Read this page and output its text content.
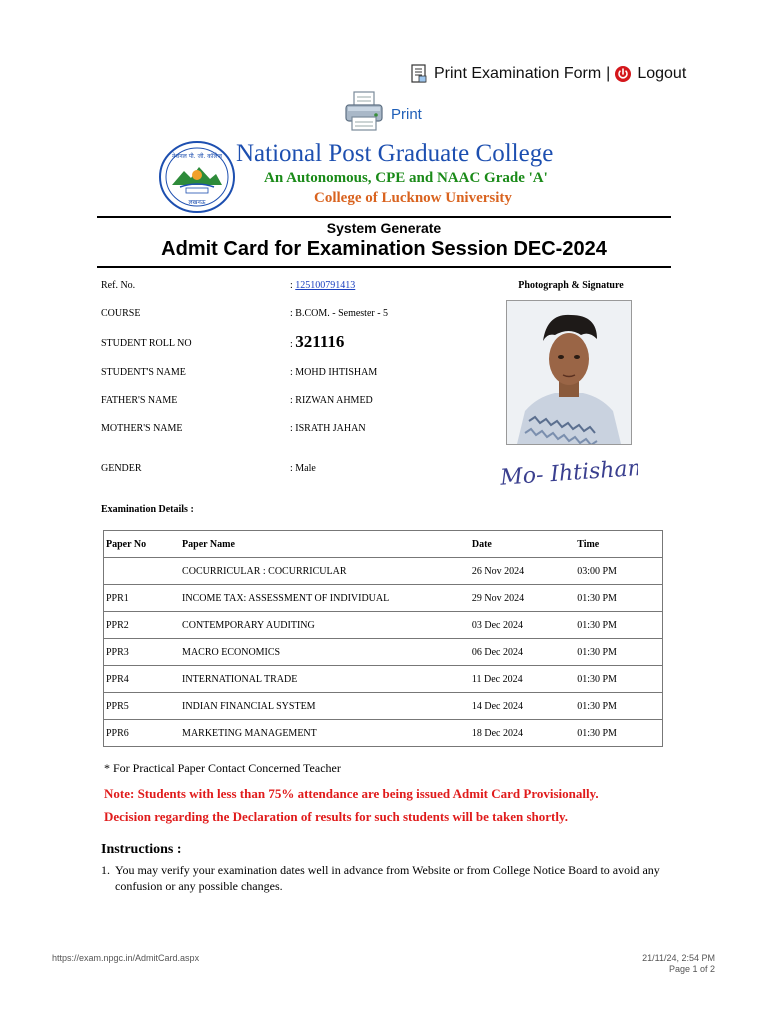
Print Examination Form | Logout
Print
नेशनल पी. जी. कॉलेज
लखनऊ
National Post Graduate College
An Autonomous, CPE and NAAC Grade 'A'
College of Lucknow University
System Generate
Admit Card for Examination Session DEC-2024
Ref. No.	: 125100791413
COURSE	: B.COM. - Semester - 5
STUDENT ROLL NO	: 321116
STUDENT'S NAME	: MOHD IHTISHAM
FATHER'S NAME	: RIZWAN AHMED
MOTHER'S NAME	: ISRATH JAHAN
GENDER	: Male
Photograph & Signature
Mo- Ihtisham
Examination Details :
Paper No	Paper Name	Date	Time
	COCURRICULAR : COCURRICULAR	26 Nov 2024	03:00 PM
PPR1	INCOME TAX: ASSESSMENT OF INDIVIDUAL	29 Nov 2024	01:30 PM
PPR2	CONTEMPORARY AUDITING	03 Dec 2024	01:30 PM
PPR3	MACRO ECONOMICS	06 Dec 2024	01:30 PM
PPR4	INTERNATIONAL TRADE	11 Dec 2024	01:30 PM
PPR5	INDIAN FINANCIAL SYSTEM	14 Dec 2024	01:30 PM
PPR6	MARKETING MANAGEMENT	18 Dec 2024	01:30 PM
* For Practical Paper Contact Concerned Teacher
Note: Students with less than 75% attendance are being issued Admit Card Provisionally.
Decision regarding the Declaration of results for such students will be taken shortly.
Instructions :
1. You may verify your examination dates well in advance from Website or from College Notice Board to avoid any confusion or any possible changes.
https://exam.npgc.in/AdmitCard.aspx	21/11/24, 2:54 PM
Page 1 of 2
